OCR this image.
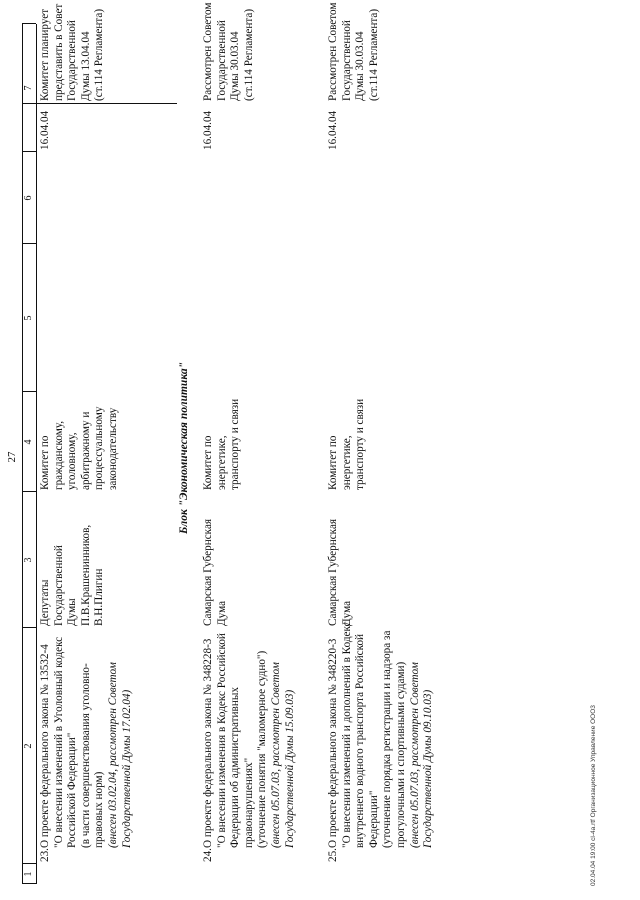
27
1
2
3
4
5
6
7
23.
О проекте федерального закона № 13532-4 "О внесении изменений в Уголовный кодекс Российской Федерации" (в части совершенствования уголовно- правовых норм) (внесен 03.02.04, рассмотрен Советом Государственной Думы 17.02.04)
Депутаты Государственной Думы П.В.Крашенинников, В.Н.Плигин
Комитет по гражданскому, уголовному, арбитражному и процессуальному законодательству
16.04.04
Комитет планирует представить в Совет Государственной Думы 13.04.04 (ст.114 Регламента)
Блок "Экономическая политика"
24.
О проекте федерального закона № 348228-3 "О внесении изменения в Кодекс Российской Федерации об административных правонарушениях" (уточнение понятия "маломерное судно") (внесен 05.07.03, рассмотрен Советом Государственной Думы 15.09.03)
Самарская Губернская Дума
Комитет по энергетике, транспорту и связи
16.04.04
Рассмотрен Советом Государственной Думы 30.03.04 (ст.114 Регламента)
25.
О проекте федерального закона № 348220-3 "О внесении изменений и дополнений в Кодекс внутреннего водного транспорта Российской Федерации" (уточнение порядка регистрации и надзора за прогулочными и спортивными судами) (внесен 05.07.03, рассмотрен Советом Государственной Думы 09.10.03)
Самарская Губернская Дума
Комитет по энергетике, транспорту и связи
16.04.04
Рассмотрен Советом Государственной Думы 30.03.04 (ст.114 Регламента)
02.04.04 19:00 cl-4a.rtf Организационное Управление ООО3
